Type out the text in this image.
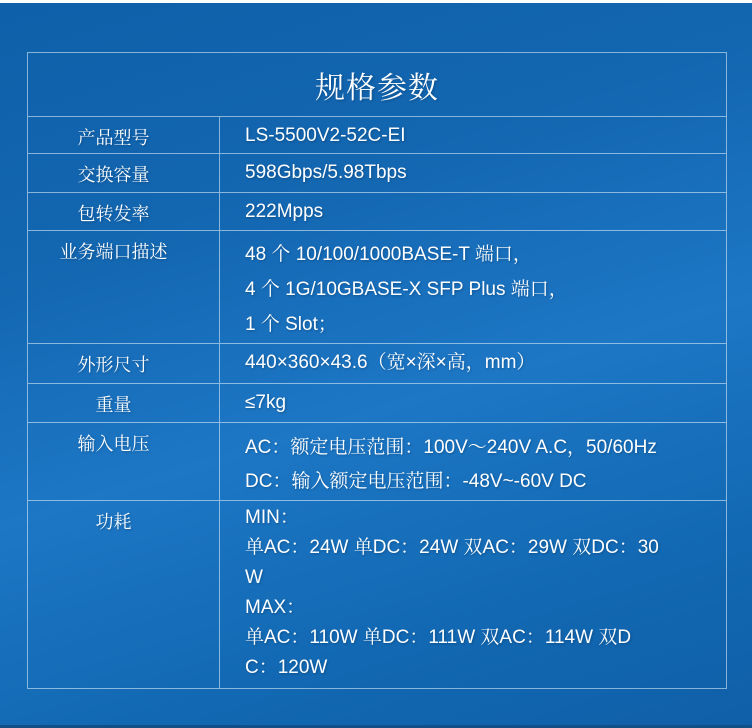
规格参数
产品型号	LS-5500V2-52C-EI
交换容量	598Gbps/5.98Tbps
包转发率	222Mpps
业务端口描述	48 个 10/100/1000BASE-T 端口，
4 个 1G/10GBASE-X SFP Plus 端口，
1 个 Slot；
外形尺寸	440×360×43.6（宽×深×高，mm）
重量	≤7kg
输入电压	AC：额定电压范围：100V～240V A.C，50/60Hz
DC：输入额定电压范围：-48V~-60V DC
功耗	MIN：
单AC：24W 单DC：24W 双AC：29W 双DC：30
W
MAX：
单AC：110W 单DC：111W 双AC：114W 双D
C：120W
